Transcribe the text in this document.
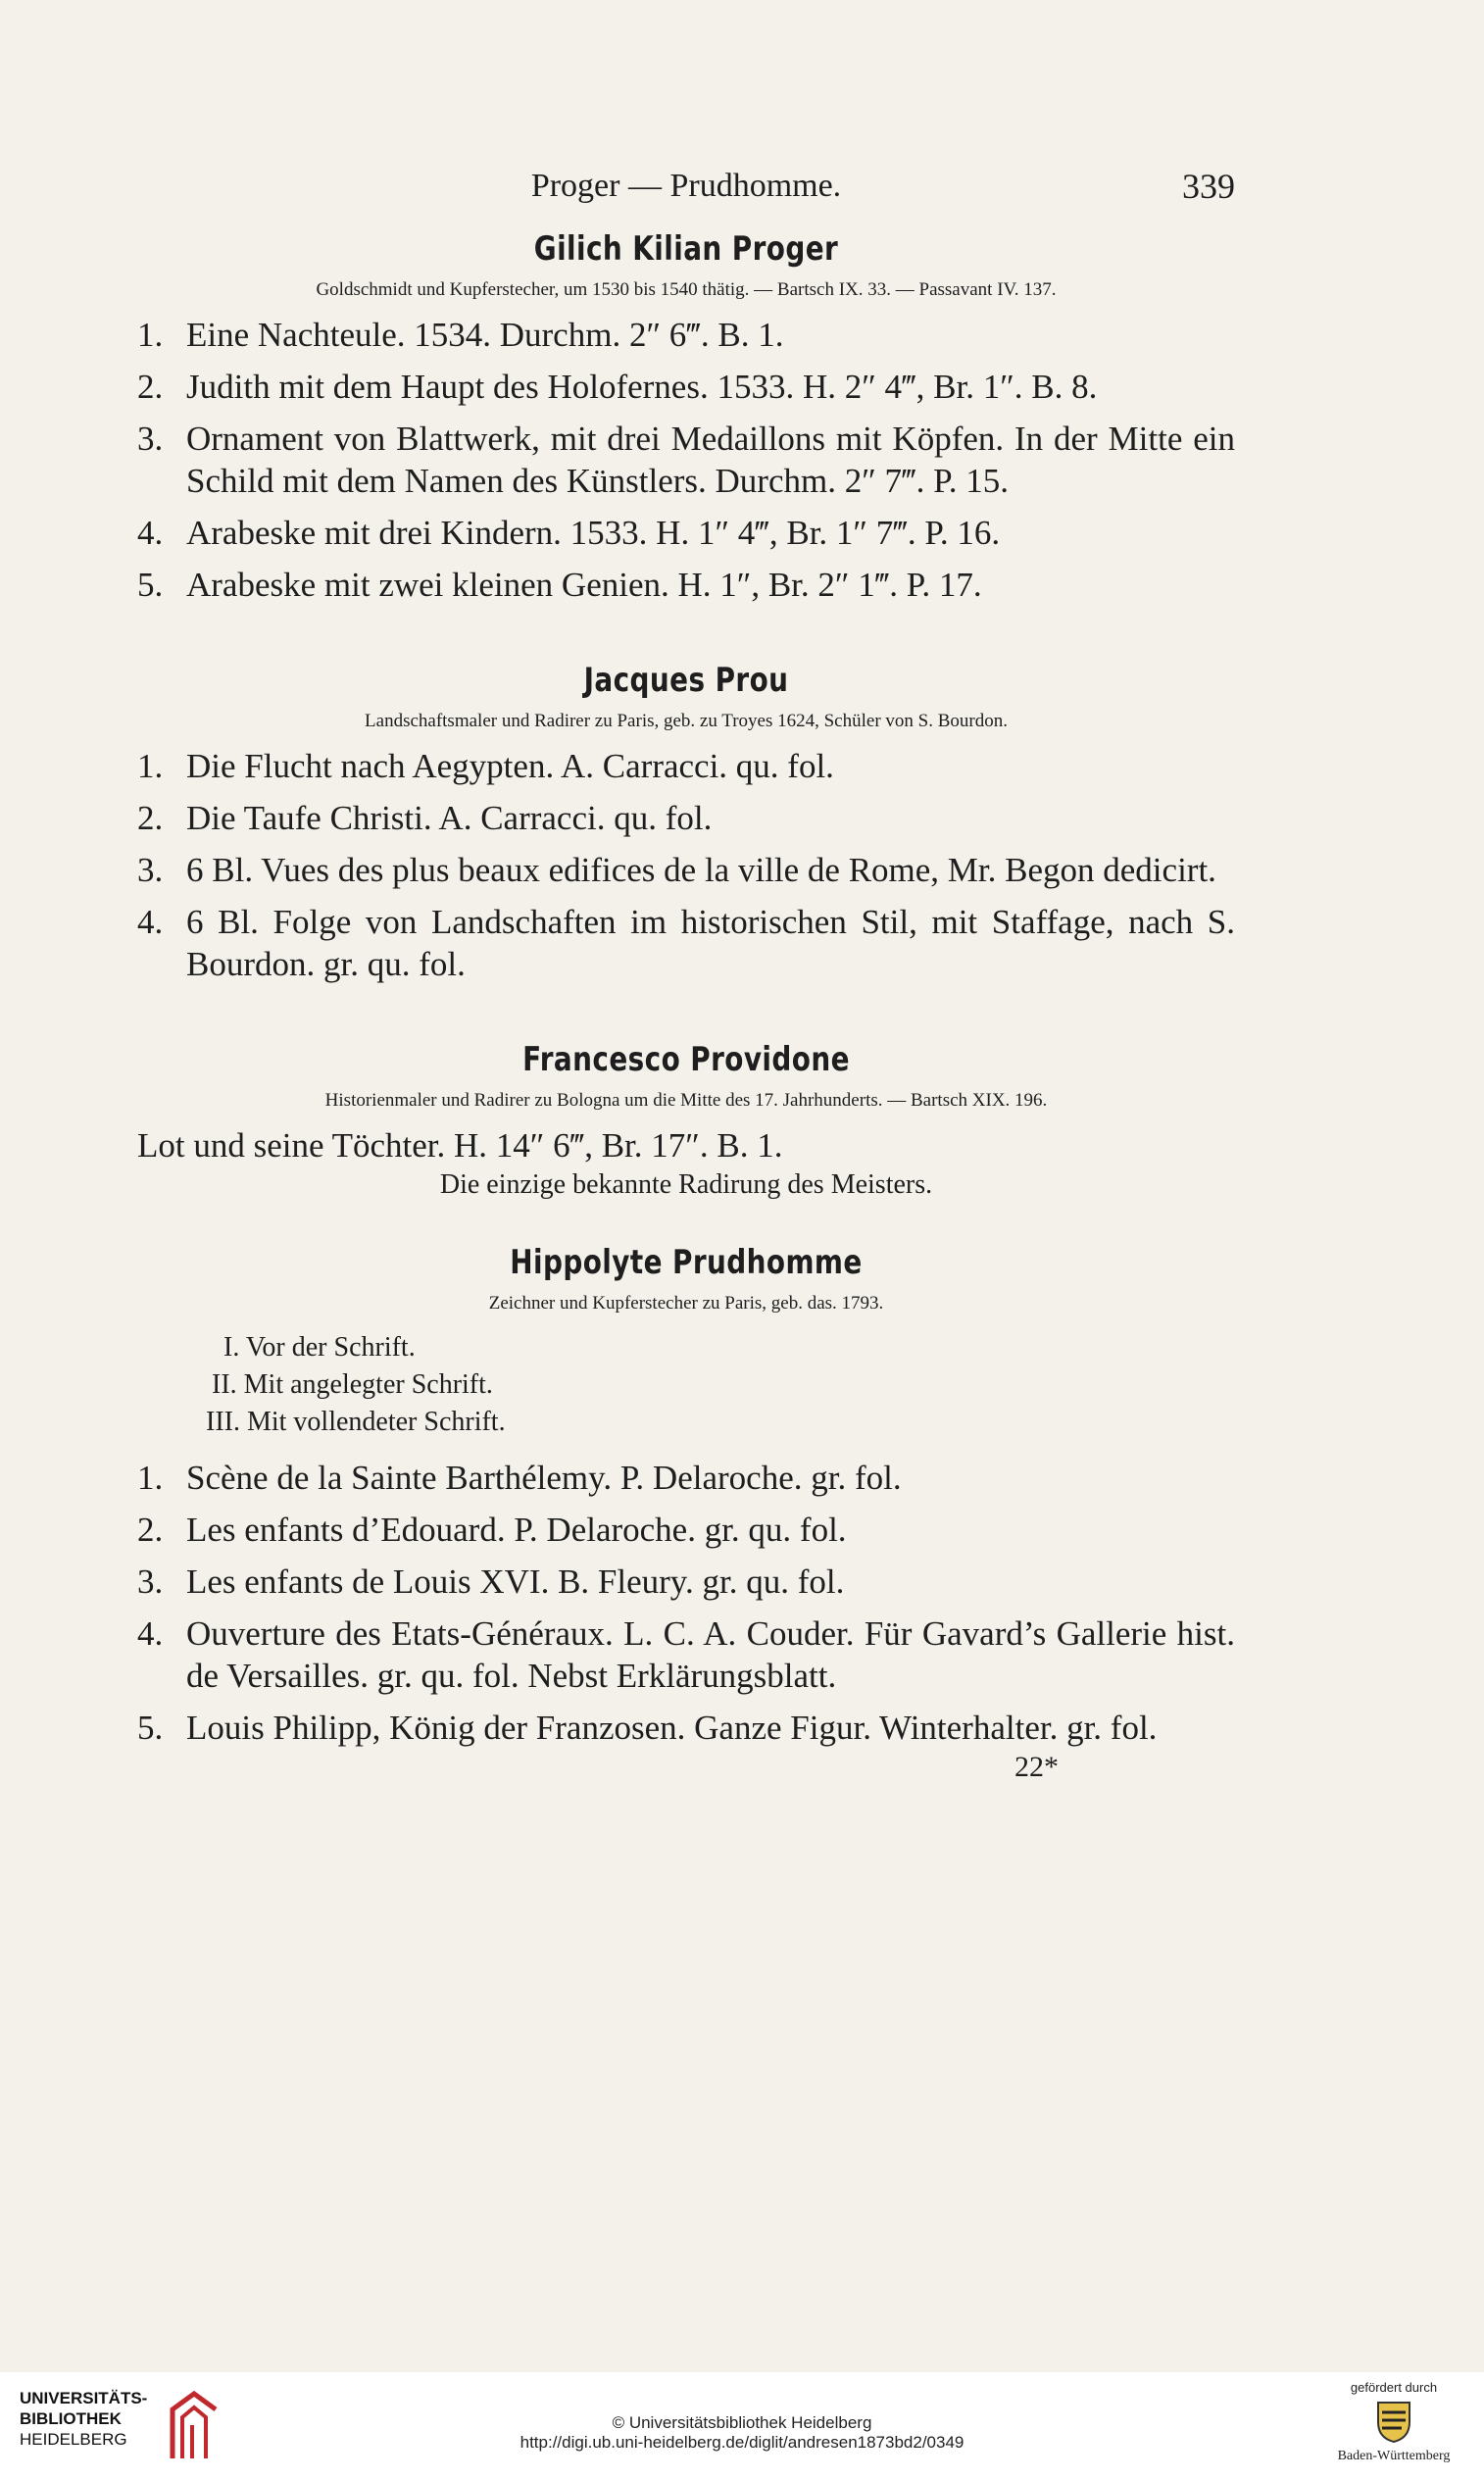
Proger — Prudhomme.	339
Gilich Kilian Proger
Goldschmidt und Kupferstecher, um 1530 bis 1540 thätig. — Bartsch IX. 33. — Passavant IV. 137.
1. Eine Nachteule. 1534. Durchm. 2″ 6‴. B. 1.
2. Judith mit dem Haupt des Holofernes. 1533. H. 2″ 4‴, Br. 1″. B. 8.
3. Ornament von Blattwerk, mit drei Medaillons mit Köpfen. In der Mitte ein Schild mit dem Namen des Künstlers. Durchm. 2″ 7‴. P. 15.
4. Arabeske mit drei Kindern. 1533. H. 1″ 4‴, Br. 1″ 7‴. P. 16.
5. Arabeske mit zwei kleinen Genien. H. 1″, Br. 2″ 1‴. P. 17.
Jacques Prou
Landschaftsmaler und Radirer zu Paris, geb. zu Troyes 1624, Schüler von S. Bourdon.
1. Die Flucht nach Aegypten. A. Carracci. qu. fol.
2. Die Taufe Christi. A. Carracci. qu. fol.
3. 6 Bl. Vues des plus beaux edifices de la ville de Rome, Mr. Begon dedicirt.
4. 6 Bl. Folge von Landschaften im historischen Stil, mit Staffage, nach S. Bourdon. gr. qu. fol.
Francesco Providone
Historienmaler und Radirer zu Bologna um die Mitte des 17. Jahrhunderts. — Bartsch XIX. 196.
Lot und seine Töchter. H. 14″ 6‴, Br. 17″. B. 1.
Die einzige bekannte Radirung des Meisters.
Hippolyte Prudhomme
Zeichner und Kupferstecher zu Paris, geb. das. 1793.
I. Vor der Schrift.
II. Mit angelegter Schrift.
III. Mit vollendeter Schrift.
1. Scène de la Sainte Barthélemy. P. Delaroche. gr. fol.
2. Les enfants d’Edouard. P. Delaroche. gr. qu. fol.
3. Les enfants de Louis XVI. B. Fleury. gr. qu. fol.
4. Ouverture des Etats-Généraux. L. C. A. Couder. Für Gavard’s Gallerie hist. de Versailles. gr. qu. fol. Nebst Erklärungsblatt.
5. Louis Philipp, König der Franzosen. Ganze Figur. Winterhalter. gr. fol.
22*
UNIVERSITÄTS-
BIBLIOTHEK
HEIDELBERG
© Universitätsbibliothek Heidelberg
http://digi.ub.uni-heidelberg.de/diglit/andresen1873bd2/0349
gefördert durch
Baden-Württemberg
